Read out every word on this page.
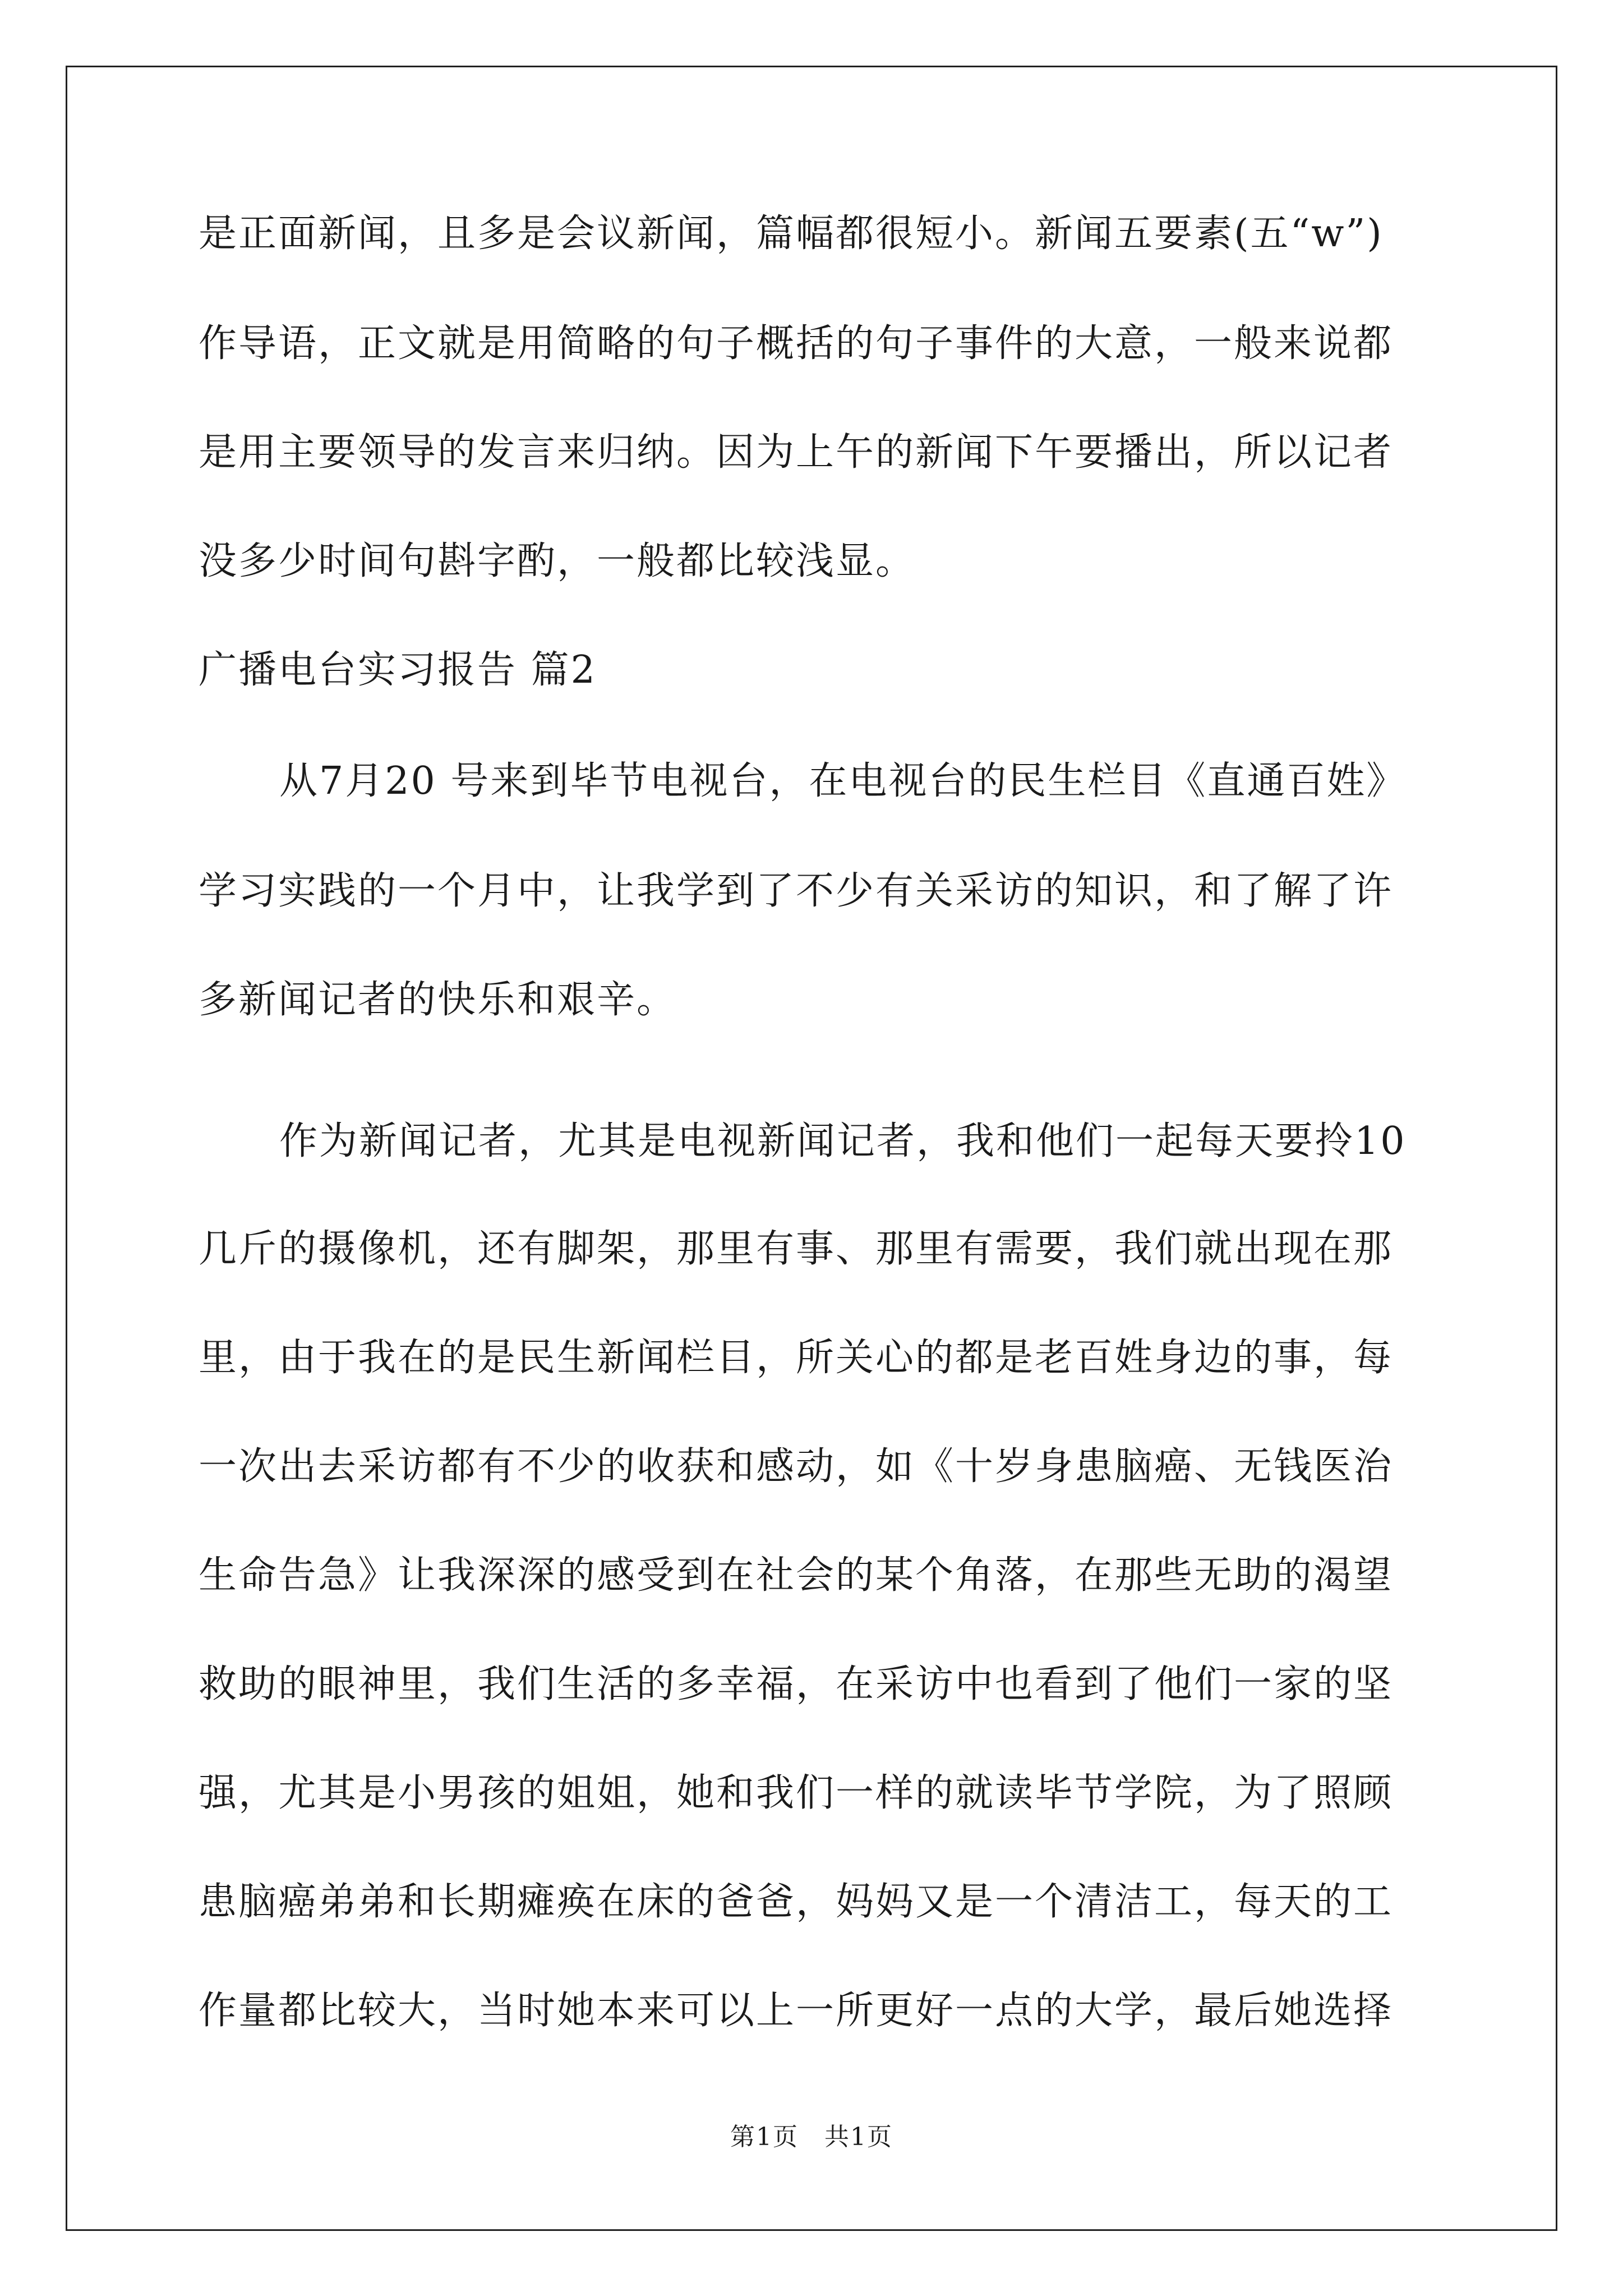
是正面新闻，且多是会议新闻，篇幅都很短小。新闻五要素(五“w”)
作导语，正文就是用简略的句子概括的句子事件的大意，一般来说都
是用主要领导的发言来归纳。因为上午的新闻下午要播出，所以记者
没多少时间句斟字酌，一般都比较浅显。
广播电台实习报告 篇2
从7月20 号来到毕节电视台，在电视台的民生栏目《直通百姓》
学习实践的一个月中，让我学到了不少有关采访的知识，和了解了许
多新闻记者的快乐和艰辛。
作为新闻记者，尤其是电视新闻记者，我和他们一起每天要拎10
几斤的摄像机，还有脚架，那里有事、那里有需要，我们就出现在那
里，由于我在的是民生新闻栏目，所关心的都是老百姓身边的事，每
一次出去采访都有不少的收获和感动，如《十岁身患脑癌、无钱医治
生命告急》让我深深的感受到在社会的某个角落，在那些无助的渴望
救助的眼神里，我们生活的多幸福，在采访中也看到了他们一家的坚
强，尤其是小男孩的姐姐，她和我们一样的就读毕节学院，为了照顾
患脑癌弟弟和长期瘫痪在床的爸爸，妈妈又是一个清洁工，每天的工
作量都比较大，当时她本来可以上一所更好一点的大学，最后她选择
第1页　共1页
